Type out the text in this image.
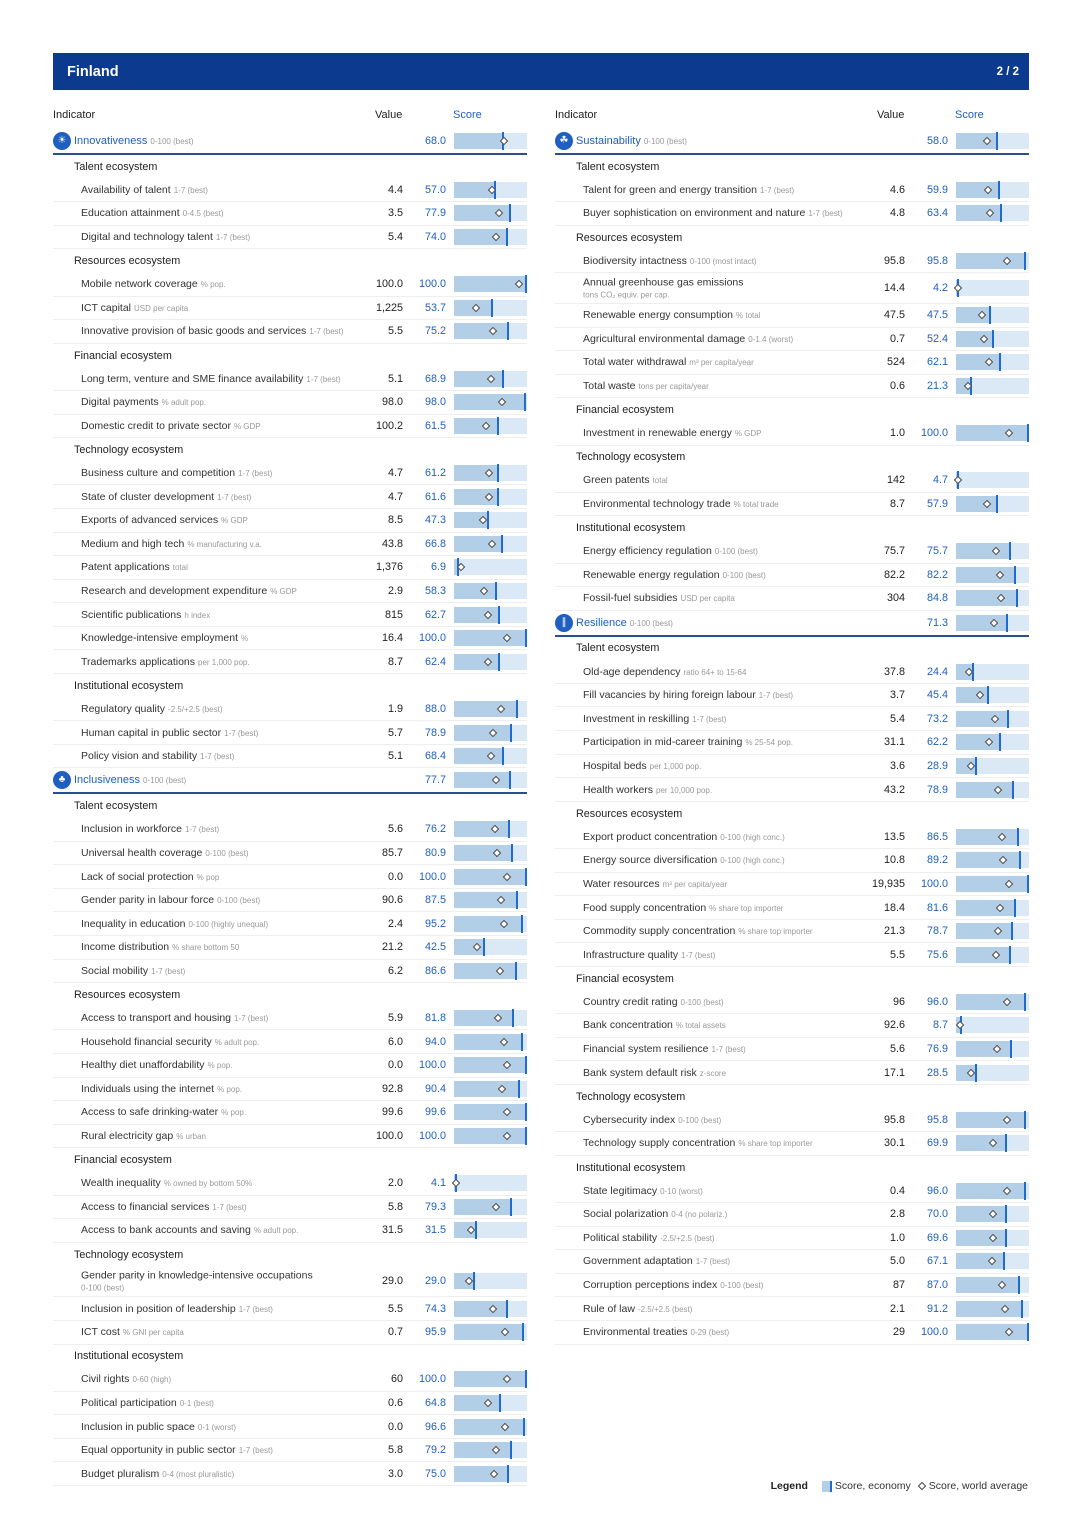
Finland	2 / 2
Indicator	Value	Score
☀ Innovativeness 0-100 (best)	68.0
Talent ecosystem
Availability of talent 1-7 (best)	4.4 57.0
Education attainment 0-4.5 (best)	3.5 77.9
Digital and technology talent 1-7 (best)	5.4 74.0
Resources ecosystem
Mobile network coverage % pop.	100.0 100.0
ICT capital USD per capita	1,225 53.7
Innovative provision of basic goods and services 1-7 (best)	5.5 75.2
Financial ecosystem
Long term, venture and SME finance availability 1-7 (best)	5.1 68.9
Digital payments % adult pop.	98.0 98.0
Domestic credit to private sector % GDP	100.2 61.5
Technology ecosystem
Business culture and competition 1-7 (best)	4.7 61.2
State of cluster development 1-7 (best)	4.7 61.6
Exports of advanced services % GDP	8.5 47.3
Medium and high tech % manufacturing v.a.	43.8 66.8
Patent applications total	1,376	6.9
Research and development expenditure % GDP	2.9 58.3
Scientific publications h index	815 62.7
Knowledge-intensive employment %	16.4 100.0
Trademarks applications per 1,000 pop.	8.7 62.4
Institutional ecosystem
Regulatory quality -2.5/+2.5 (best)	1.9 88.0
Human capital in public sector 1-7 (best)	5.7 78.9
Policy vision and stability 1-7 (best)	5.1 68.4
♣ Inclusiveness 0-100 (best)	77.7
Talent ecosystem
Inclusion in workforce 1-7 (best)	5.6 76.2
Universal health coverage 0-100 (best)	85.7 80.9
Lack of social protection % pop	0.0 100.0
Gender parity in labour force 0-100 (best)	90.6 87.5
Inequality in education 0-100 (highly unequal)	2.4 95.2
Income distribution % share bottom 50	21.2 42.5
Social mobility 1-7 (best)	6.2 86.6
Resources ecosystem
Access to transport and housing 1-7 (best)	5.9 81.8
Household financial security % adult pop.	6.0 94.0
Healthy diet unaffordability % pop.	0.0 100.0
Individuals using the internet % pop.	92.8 90.4
Access to safe drinking-water % pop.	99.6 99.6
Rural electricity gap % urban	100.0 100.0
Financial ecosystem
Wealth inequality % owned by bottom 50%	2.0	4.1
Access to financial services 1-7 (best)	5.8 79.3
Access to bank accounts and saving % adult pop.	31.5 31.5
Technology ecosystem
Gender parity in knowledge-intensive occupations
0-100 (best)
29.0 29.0
Inclusion in position of leadership 1-7 (best)	5.5 74.3
ICT cost % GNI per capita	0.7 95.9
Institutional ecosystem
Civil rights 0-60 (high)	60 100.0
Political participation 0-1 (best)	0.6 64.8
Inclusion in public space 0-1 (worst)	0.0 96.6
Equal opportunity in public sector 1-7 (best)	5.8 79.2
Budget pluralism 0-4 (most pluralistic)	3.0 75.0
Indicator	Value	Score
☘ Sustainability 0-100 (best)	58.0
Talent ecosystem
Talent for green and energy transition 1-7 (best)	4.6 59.9
Buyer sophistication on environment and nature 1-7 (best)	4.8 63.4
Resources ecosystem
Biodiversity intactness 0-100 (most intact)	95.8 95.8
Annual greenhouse gas emissions
tons CO₂ equiv. per cap.
14.4	4.2
Renewable energy consumption % total	47.5 47.5
Agricultural environmental damage 0-1.4 (worst)	0.7 52.4
Total water withdrawal m³ per capita/year	524 62.1
Total waste tons per capita/year	0.6 21.3
Financial ecosystem
Investment in renewable energy % GDP	1.0 100.0
Technology ecosystem
Green patents total	142	4.7
Environmental technology trade % total trade	8.7 57.9
Institutional ecosystem
Energy efficiency regulation 0-100 (best)	75.7 75.7
Renewable energy regulation 0-100 (best)	82.2 82.2
Fossil-fuel subsidies USD per capita	304 84.8
∥ Resilience 0-100 (best)	71.3
Talent ecosystem
Old-age dependency ratio 64+ to 15-64	37.8 24.4
Fill vacancies by hiring foreign labour 1-7 (best)	3.7 45.4
Investment in reskilling 1-7 (best)	5.4 73.2
Participation in mid-career training % 25-54 pop.	31.1 62.2
Hospital beds per 1,000 pop.	3.6 28.9
Health workers per 10,000 pop.	43.2 78.9
Resources ecosystem
Export product concentration 0-100 (high conc.)	13.5 86.5
Energy source diversification 0-100 (high conc.)	10.8 89.2
Water resources m³ per capita/year	19,935 100.0
Food supply concentration % share top importer	18.4 81.6
Commodity supply concentration % share top importer	21.3 78.7
Infrastructure quality 1-7 (best)	5.5 75.6
Financial ecosystem
Country credit rating 0-100 (best)	96 96.0
Bank concentration % total assets	92.6	8.7
Financial system resilience 1-7 (best)	5.6 76.9
Bank system default risk z-score	17.1 28.5
Technology ecosystem
Cybersecurity index 0-100 (best)	95.8 95.8
Technology supply concentration % share top importer	30.1 69.9
Institutional ecosystem
State legitimacy 0-10 (worst)	0.4 96.0
Social polarization 0-4 (no polariz.)	2.8 70.0
Political stability -2.5/+2.5 (best)	1.0 69.6
Government adaptation 1-7 (best)	5.0 67.1
Corruption perceptions index 0-100 (best)	87 87.0
Rule of law -2.5/+2.5 (best)	2.1 91.2
Environmental treaties 0-29 (best)	29 100.0
Legend	Score, economy	Score, world average
